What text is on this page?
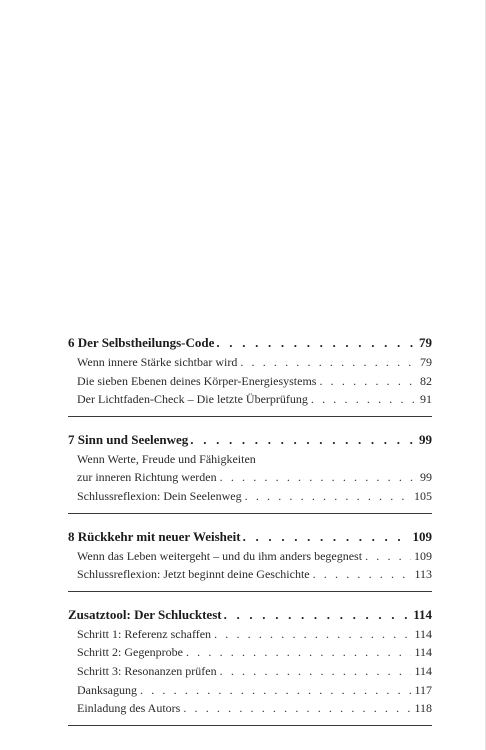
6 Der Selbstheilungs-Code . . .	79
Wenn innere Stärke sichtbar wird . . .	79
Die sieben Ebenen deines Körper-Energiesystems . . .	82
Der Lichtfaden-Check – Die letzte Überprüfung . . .	91
7 Sinn und Seelenweg . . .	99
Wenn Werte, Freude und Fähigkeiten
zur inneren Richtung werden . . .	99
Schlussreflexion: Dein Seelenweg . . .	105
8 Rückkehr mit neuer Weisheit . . .	109
Wenn das Leben weitergeht – und du ihm anders begegnest . . .	109
Schlussreflexion: Jetzt beginnt deine Geschichte . . .	113
Zusatztool: Der Schlucktest . . .	114
Schritt 1: Referenz schaffen . . .	114
Schritt 2: Gegenprobe . . .	114
Schritt 3: Resonanzen prüfen . . .	114
Danksagung . . .	117
Einladung des Autors . . .	118
